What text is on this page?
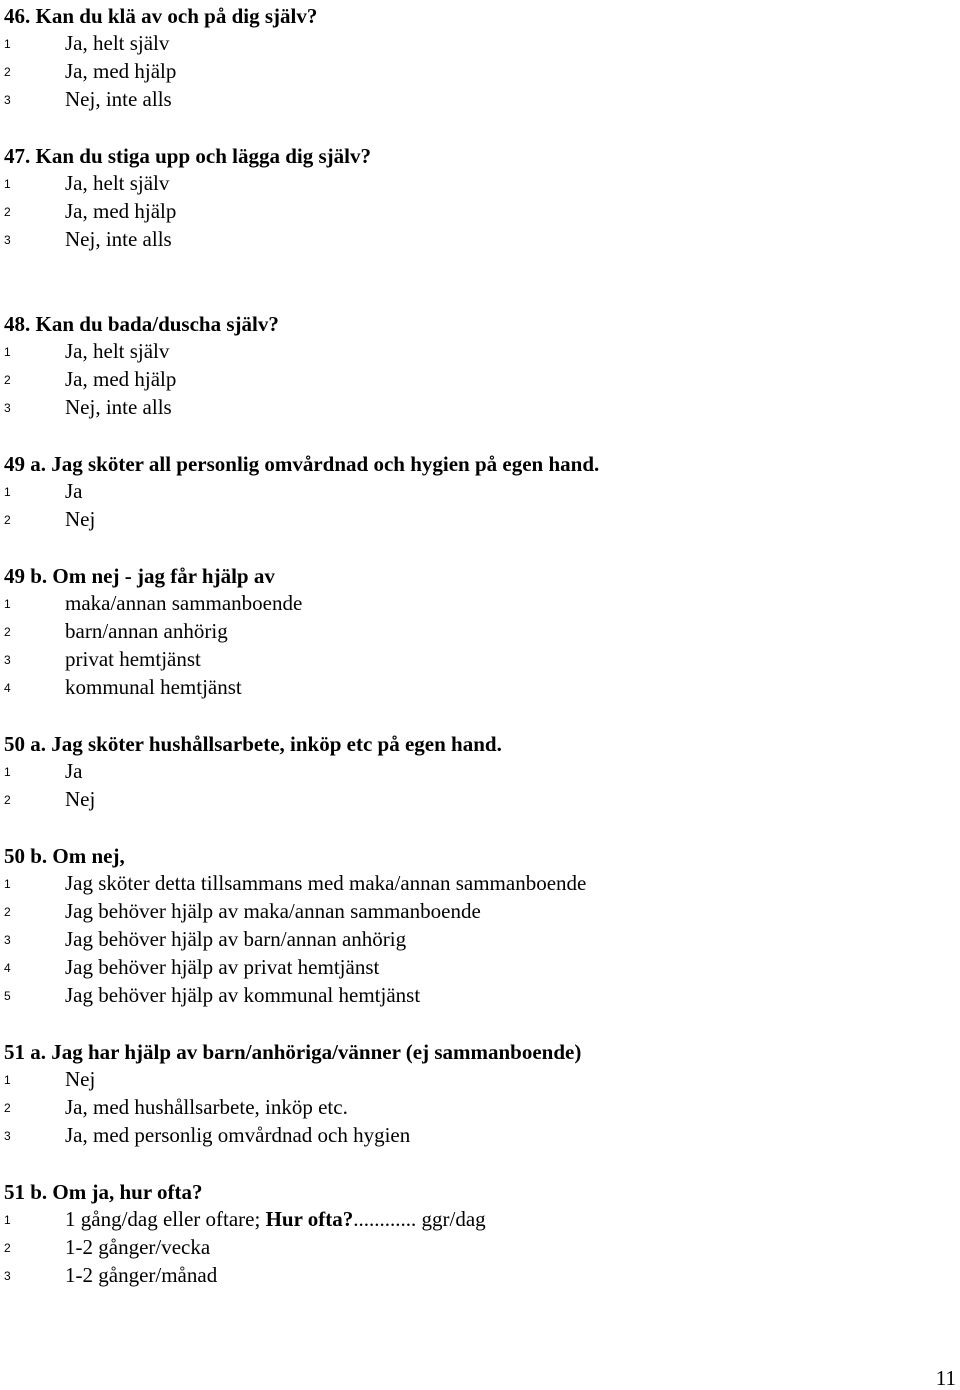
46. Kan du klä av och på dig själv?
1	Ja, helt själv
2	Ja, med hjälp
3	Nej, inte alls
47. Kan du stiga upp och lägga dig själv?
1	Ja, helt själv
2	Ja, med hjälp
3	Nej, inte alls
48. Kan du bada/duscha själv?
1	Ja, helt själv
2	Ja, med hjälp
3	Nej, inte alls
49 a. Jag sköter all personlig omvårdnad och hygien på egen hand.
1	Ja
2	Nej
49 b. Om nej - jag får hjälp av
1	maka/annan sammanboende
2	barn/annan anhörig
3	privat hemtjänst
4	kommunal hemtjänst
50 a. Jag sköter hushållsarbete, inköp etc på egen hand.
1	Ja
2	Nej
50 b. Om nej,
1	Jag sköter detta tillsammans med maka/annan sammanboende
2	Jag behöver hjälp av maka/annan sammanboende
3	Jag behöver hjälp av barn/annan anhörig
4	Jag behöver hjälp av privat hemtjänst
5	Jag behöver hjälp av kommunal hemtjänst
51 a. Jag har hjälp av barn/anhöriga/vänner (ej sammanboende)
1	Nej
2	Ja, med hushållsarbete, inköp etc.
3	Ja, med personlig omvårdnad och hygien
51 b. Om ja, hur ofta?
1	1 gång/dag eller oftare; Hur ofta?............ ggr/dag
2	1-2 gånger/vecka
3	1-2 gånger/månad
11
